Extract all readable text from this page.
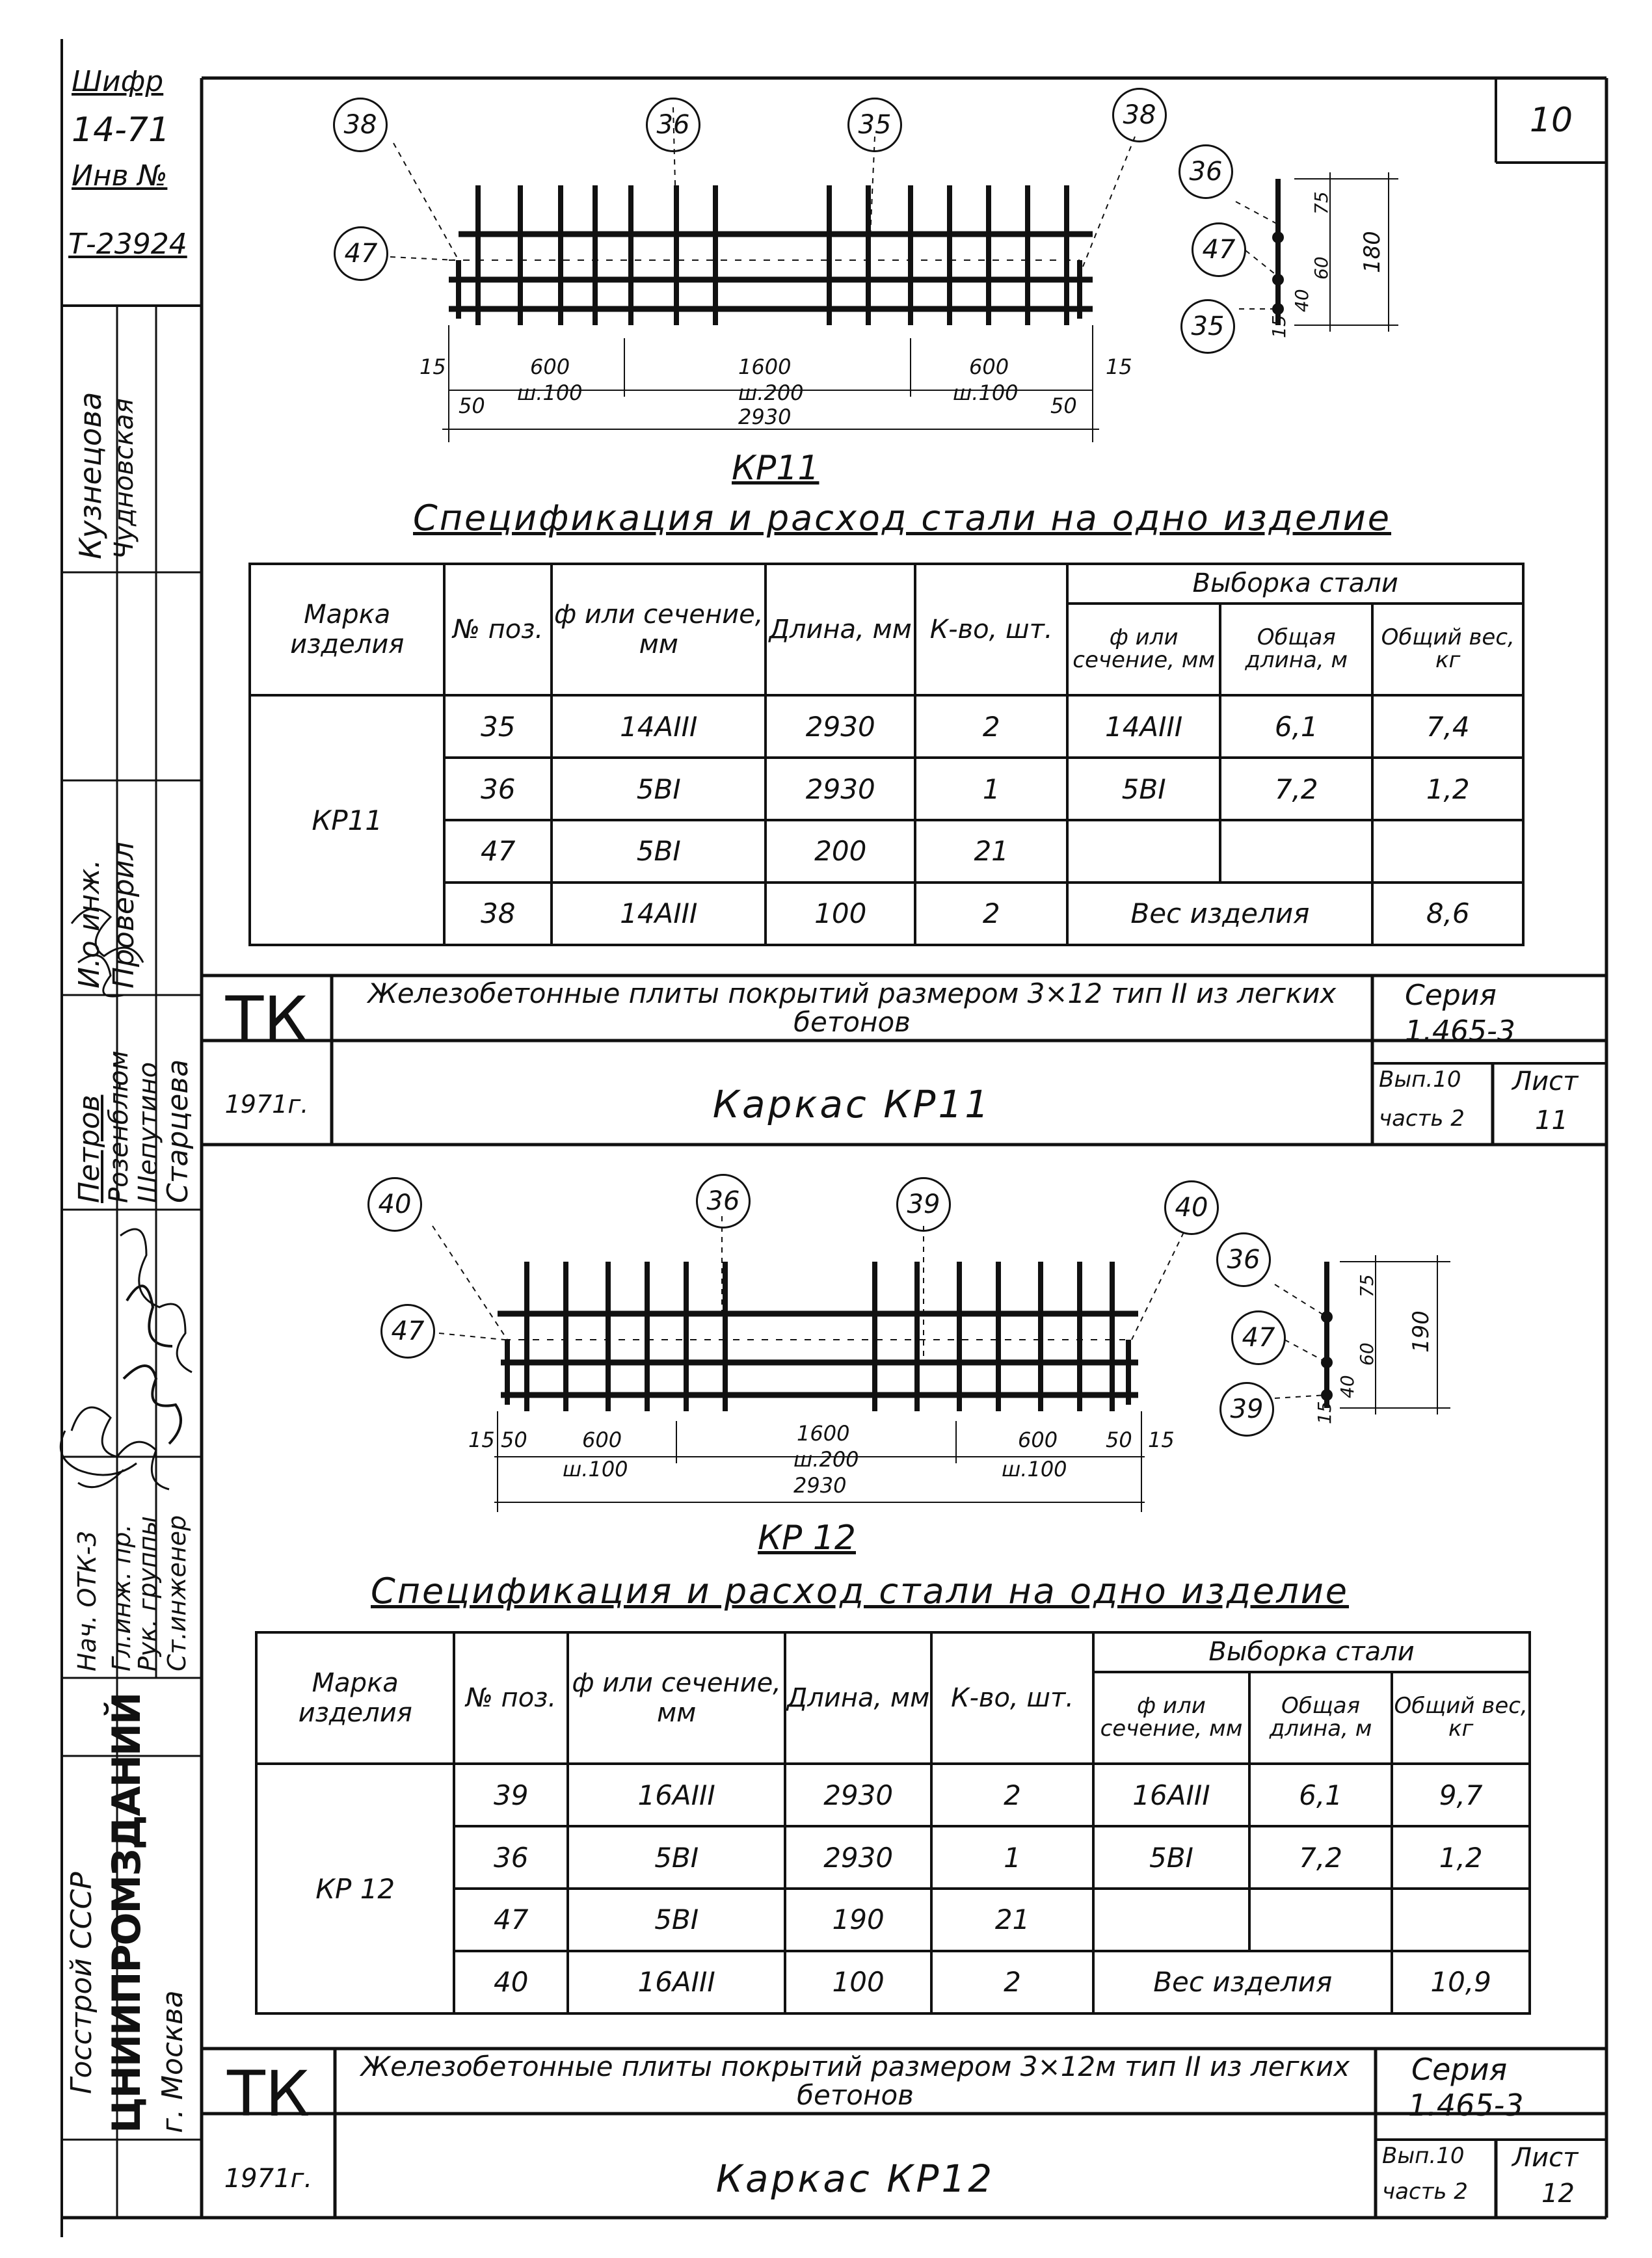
10
Шифр
14-71
Инв №
Т-23924
Кузнецова Чудновская
И.о инж. Проверил
Петров
Розенблюм Шепутино
Старцева
Нач. ОТК-3 Гл.инж. пр.
Рук. группы Ст.инженер
Госстрой СССР ЦНИИПРОМЗДАНИЙ г. Москва
38	36	35	38
47
36
47
35
15
50
600
ш.100
1600
ш.200
600
ш.100
50
15
2930
75
60
40
15
180
КР11
Спецификация и расход стали на одно изделие
Марка изделия	№ поз.	ф или сечение, мм	Длина, мм	К-во, шт.	Выборка стали		
					ф или сечение, мм	Общая длина, м	Общий вес, кг
КР11	35	14АIII	2930	2	14АIII	6,1	7,4
	36	5ВI	2930	1	5ВI	7,2	1,2
	47	5ВI	200	21			
	38	14АIII	100	2	Вес изделия		8,6
ТК
1971г.
Железобетонные плиты покрытий размером 3×12 тип II из легких бетонов
Каркас КР11
Серия
1.465-3
Вып.10
часть 2
Лист
11
40	36	39	40
47
36
47
39
15 50	600
ш.100
1600
ш.200
600
ш.100
50 15
2930
75
60
40
15
190
КР 12
Спецификация и расход стали на одно изделие
Марка изделия	№ поз.	ф или сечение, мм	Длина, мм	К-во, шт.	Выборка стали		
					ф или сечение, мм	Общая длина, м	Общий вес, кг
КР 12	39	16АIII	2930	2	16АIII	6,1	9,7
	36	5ВI	2930	1	5ВI	7,2	1,2
	47	5ВI	190	21			
	40	16АIII	100	2	Вес изделия		10,9
ТК
1971г.
Железобетонные плиты покрытий размером 3×12м тип II из легких бетонов
Каркас КР12
Серия
1.465-3
Вып.10
часть 2
Лист
12
